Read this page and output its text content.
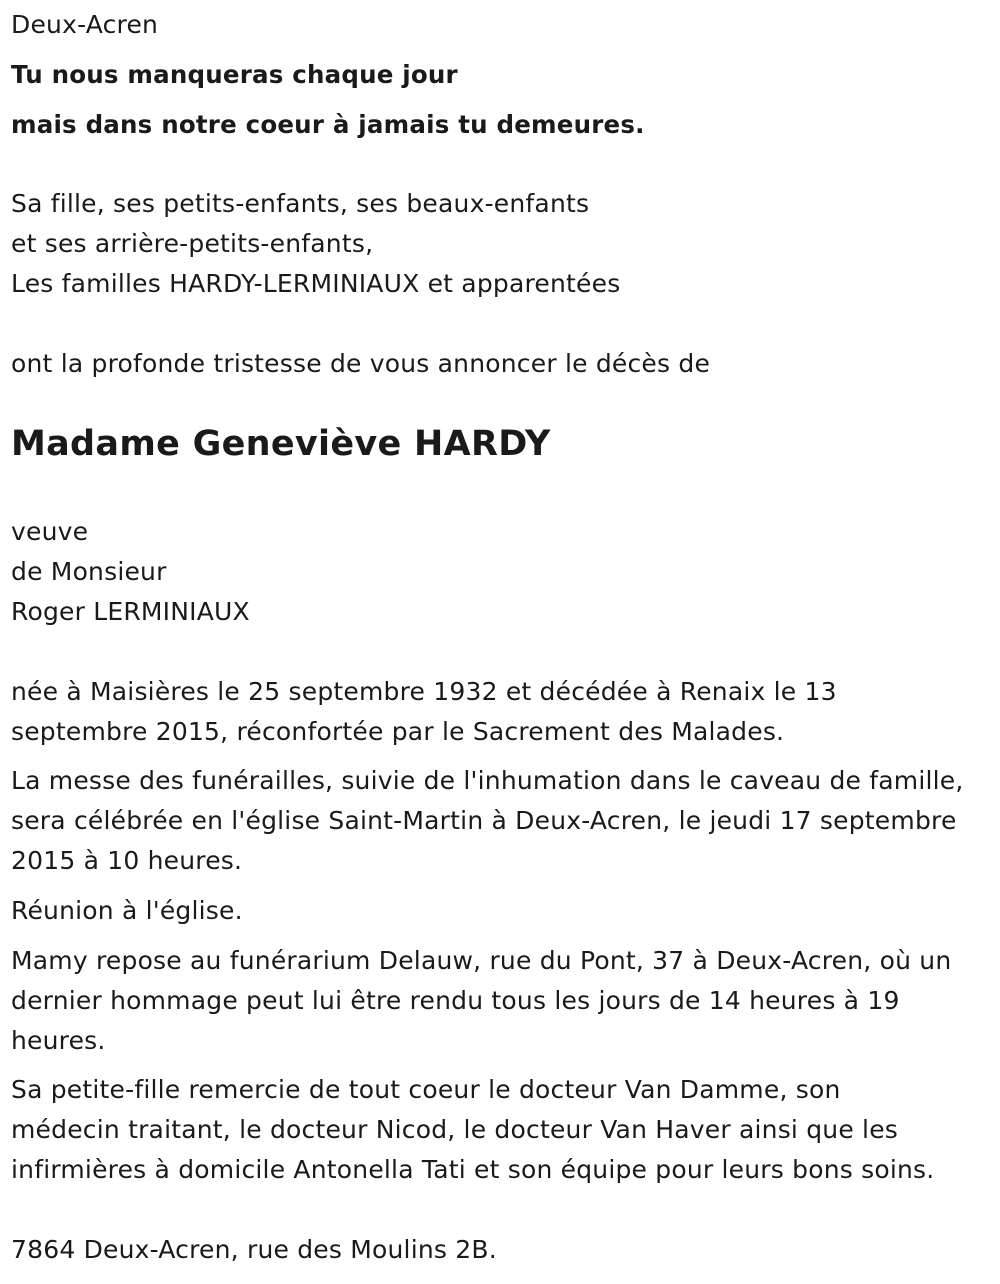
Deux-Acren
Tu nous manqueras chaque jour
mais dans notre coeur à jamais tu demeures.
Sa fille, ses petits-enfants, ses beaux-enfants
et ses arrière-petits-enfants,
Les familles HARDY-LERMINIAUX et apparentées
ont la profonde tristesse de vous annoncer le décès de
Madame Geneviève HARDY
veuve
de Monsieur
Roger LERMINIAUX
née à Maisières le 25 septembre 1932 et décédée à Renaix le 13
septembre 2015, réconfortée par le Sacrement des Malades.
La messe des funérailles, suivie de l'inhumation dans le caveau de famille,
sera célébrée en l'église Saint-Martin à Deux-Acren, le jeudi 17 septembre
2015 à 10 heures.
Réunion à l'église.
Mamy repose au funérarium Delauw, rue du Pont, 37 à Deux-Acren, où un
dernier hommage peut lui être rendu tous les jours de 14 heures à 19
heures.
Sa petite-fille remercie de tout coeur le docteur Van Damme, son
médecin traitant, le docteur Nicod, le docteur Van Haver ainsi que les
infirmières à domicile Antonella Tati et son équipe pour leurs bons soins.
7864 Deux-Acren, rue des Moulins 2B.
